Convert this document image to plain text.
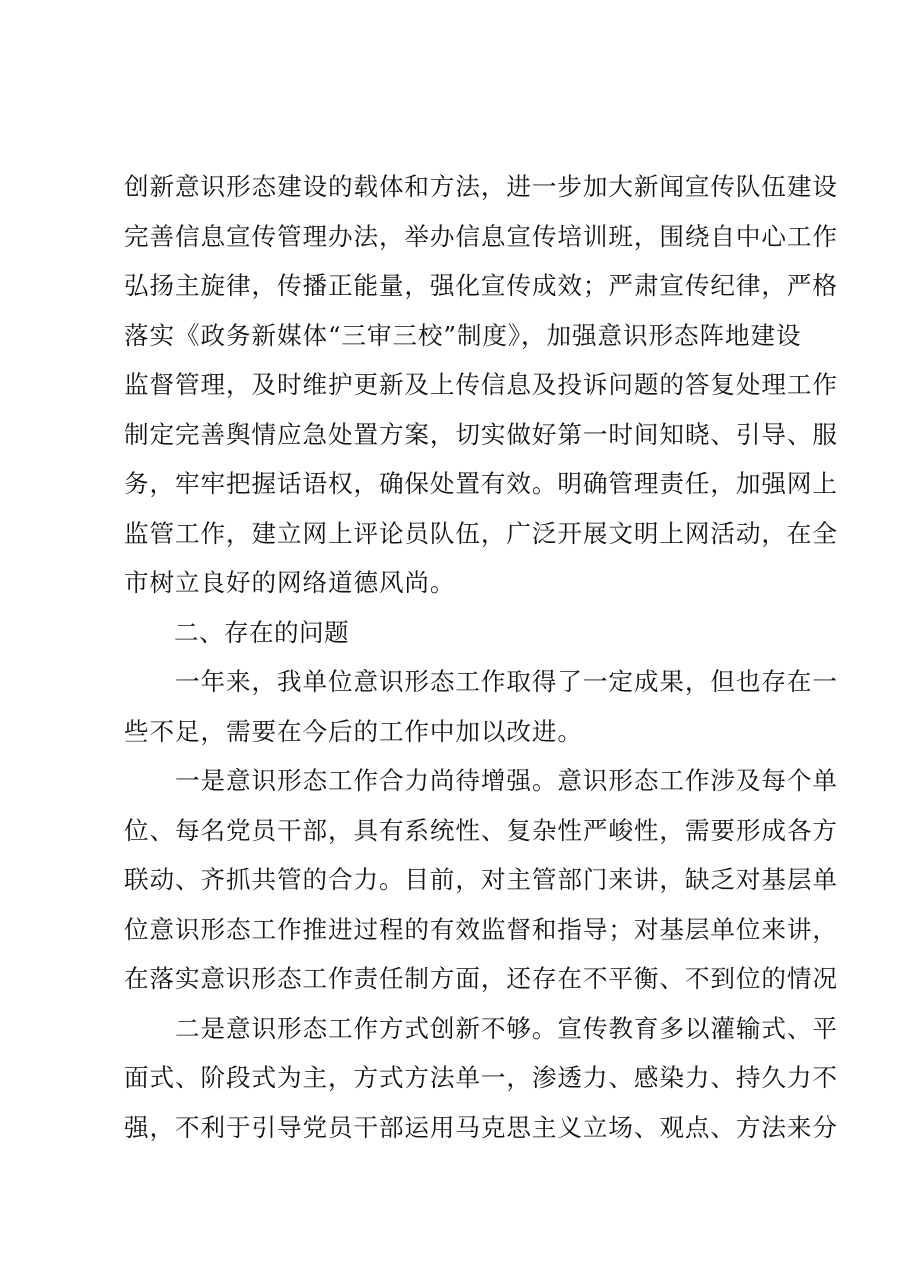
创新意识形态建设的载体和方法，进一步加大新闻宣传队伍建设

完善信息宣传管理办法，举办信息宣传培训班，围绕自中心工作

弘扬主旋律，传播正能量，强化宣传成效；严肃宣传纪律，严格

落实《政务新媒体“三审三校”制度》，加强意识形态阵地建设

监督管理，及时维护更新及上传信息及投诉问题的答复处理工作

制定完善舆情应急处置方案，切实做好第一时间知晓、引导、服

务，牢牢把握话语权，确保处置有效。明确管理责任，加强网上

监管工作，建立网上评论员队伍，广泛开展文明上网活动，在全

市树立良好的网络道德风尚。

　　二、存在的问题

　　一年来，我单位意识形态工作取得了一定成果，但也存在一

些不足，需要在今后的工作中加以改进。

　　一是意识形态工作合力尚待增强。意识形态工作涉及每个单

位、每名党员干部，具有系统性、复杂性严峻性，需要形成各方

联动、齐抓共管的合力。目前，对主管部门来讲，缺乏对基层单

位意识形态工作推进过程的有效监督和指导；对基层单位来讲，

在落实意识形态工作责任制方面，还存在不平衡、不到位的情况

　　二是意识形态工作方式创新不够。宣传教育多以灌输式、平

面式、阶段式为主，方式方法单一，渗透力、感染力、持久力不

强，不利于引导党员干部运用马克思主义立场、观点、方法来分
